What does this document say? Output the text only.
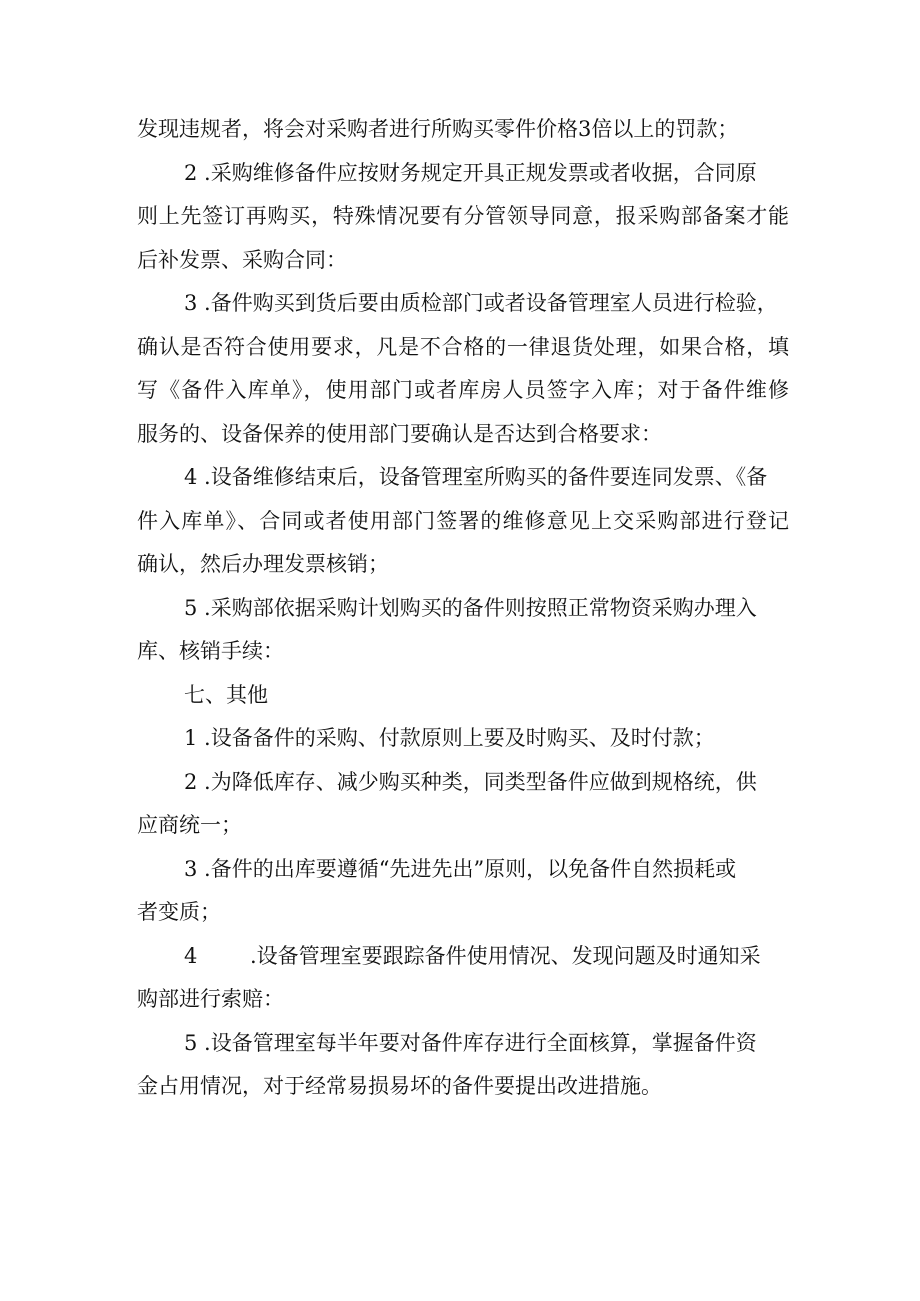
发现违规者，将会对采购者进行所购买零件价格3倍以上的罚款；
2 .采购维修备件应按财务规定开具正规发票或者收据，合同原
则上先签订再购买，特殊情况要有分管领导同意，报采购部备案才能
后补发票、采购合同：
3 .备件购买到货后要由质检部门或者设备管理室人员进行检验，
确认是否符合使用要求，凡是不合格的一律退货处理，如果合格，填
写《备件入库单》，使用部门或者库房人员签字入库；对于备件维修
服务的、设备保养的使用部门要确认是否达到合格要求：
4 .设备维修结束后，设备管理室所购买的备件要连同发票、《备
件入库单》、合同或者使用部门签署的维修意见上交采购部进行登记
确认，然后办理发票核销；
5 .采购部依据采购计划购买的备件则按照正常物资采购办理入
库、核销手续：
七、其他
1 .设备备件的采购、付款原则上要及时购买、及时付款；
2 .为降低库存、减少购买种类，同类型备件应做到规格统，供
应商统一；
3 .备件的出库要遵循“先进先出”原则，以免备件自然损耗或
者变质；
4	.设备管理室要跟踪备件使用情况、发现问题及时通知采
购部进行索赔：
5 .设备管理室每半年要对备件库存进行全面核算，掌握备件资
金占用情况，对于经常易损易坏的备件要提出改进措施。
